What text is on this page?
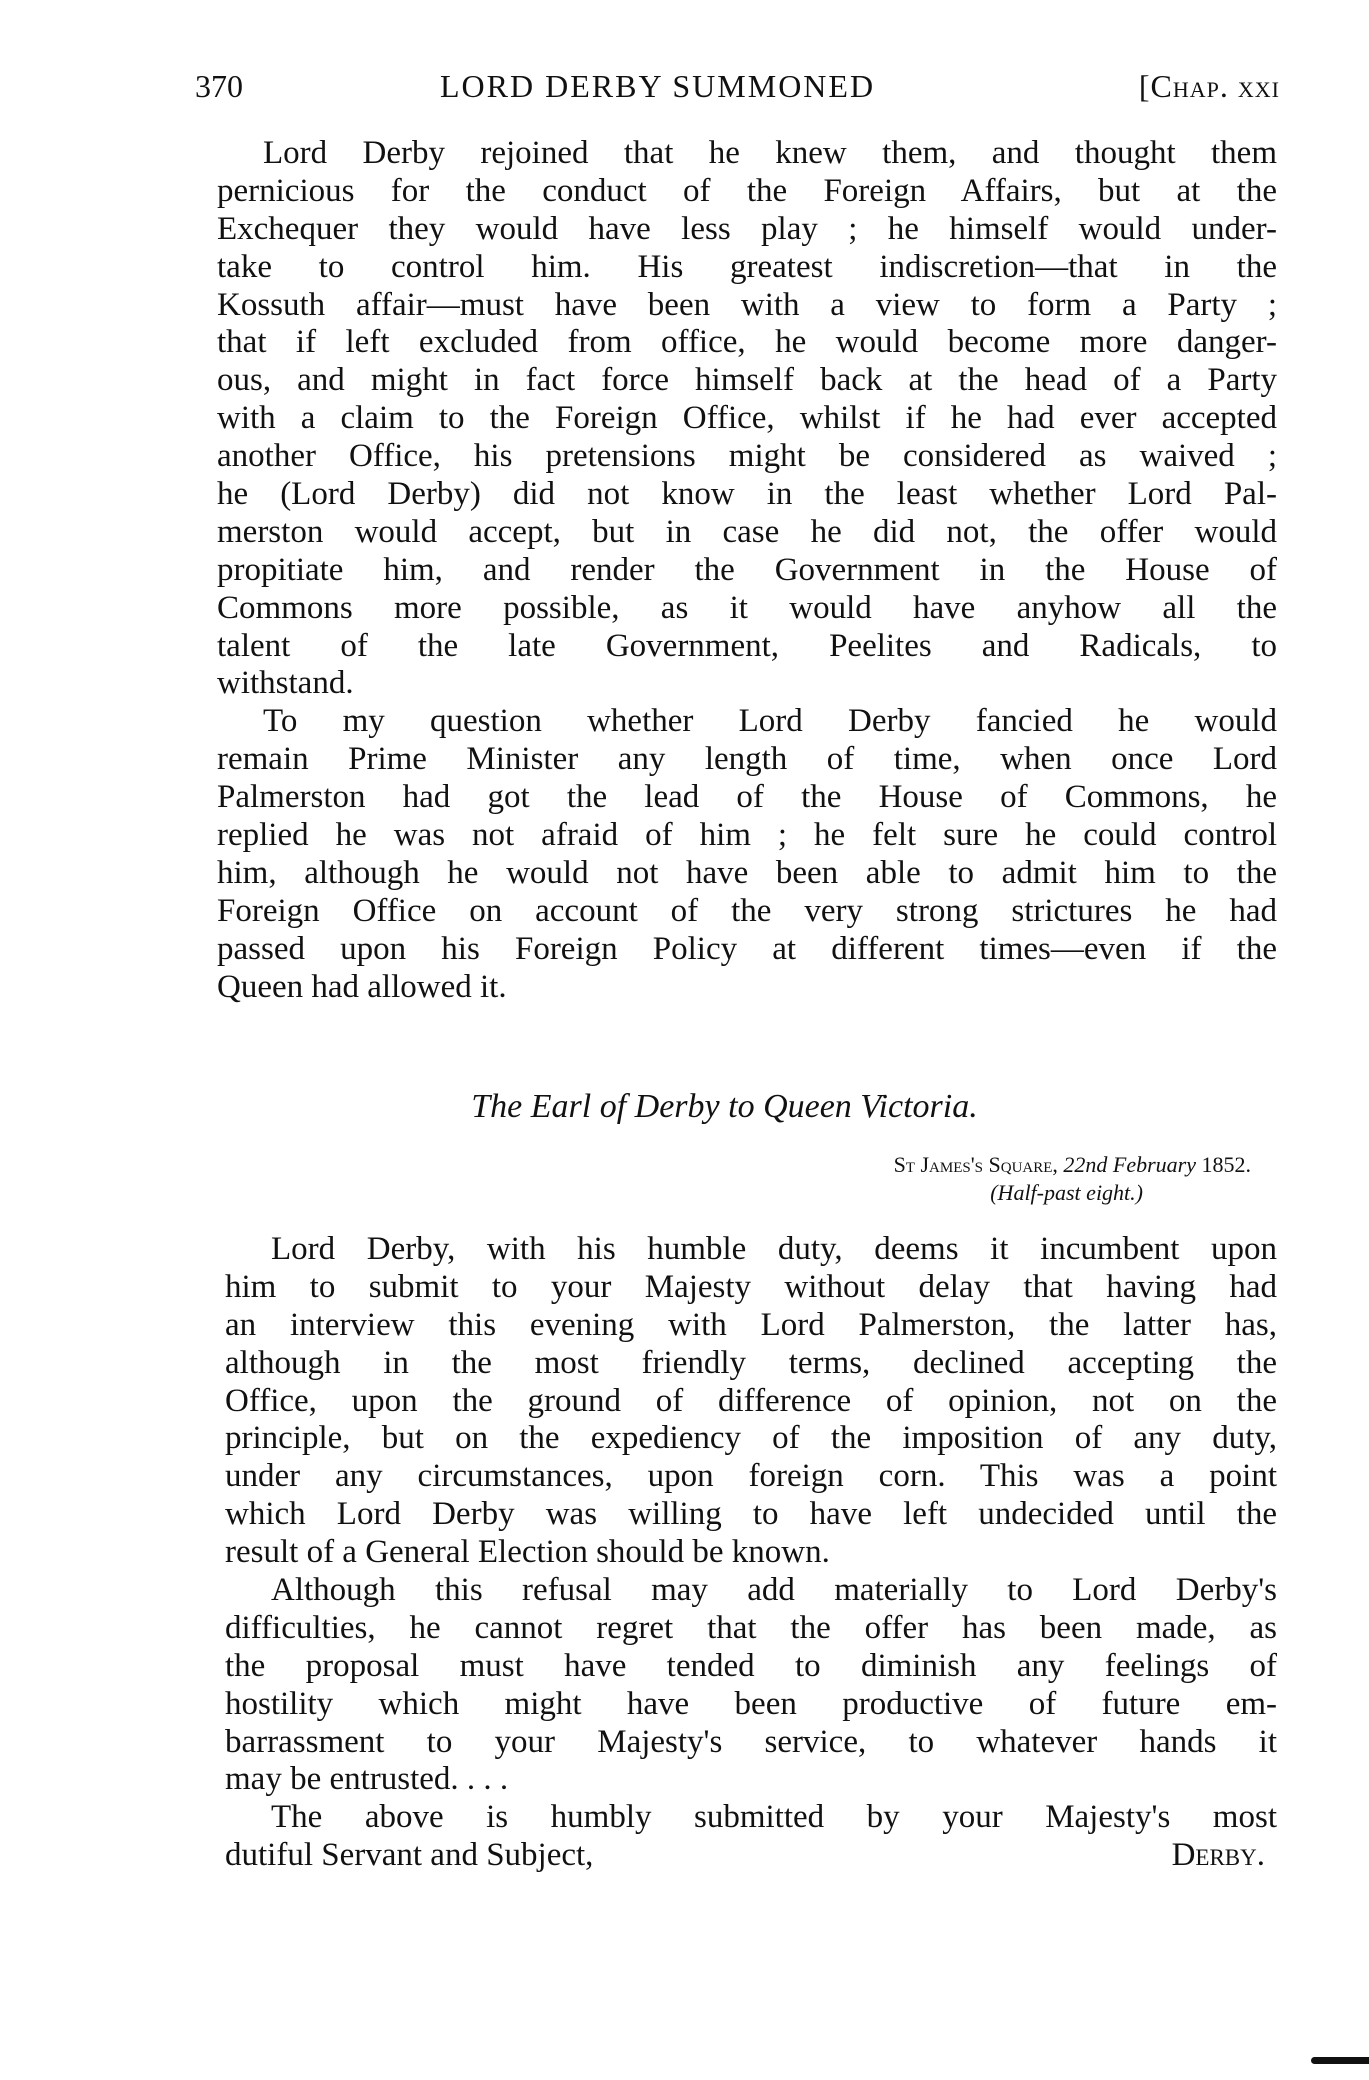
370	LORD DERBY SUMMONED	[Chap. xxi
Lord Derby rejoined that he knew them, and thought them
pernicious for the conduct of the Foreign Affairs, but at the
Exchequer they would have less play ; he himself would under-
take to control him. His greatest indiscretion—that in the
Kossuth affair—must have been with a view to form a Party ;
that if left excluded from office, he would become more danger-
ous, and might in fact force himself back at the head of a Party
with a claim to the Foreign Office, whilst if he had ever accepted
another Office, his pretensions might be considered as waived ;
he (Lord Derby) did not know in the least whether Lord Pal-
merston would accept, but in case he did not, the offer would
propitiate him, and render the Government in the House of
Commons more possible, as it would have anyhow all the
talent of the late Government, Peelites and Radicals, to
withstand.
To my question whether Lord Derby fancied he would
remain Prime Minister any length of time, when once Lord
Palmerston had got the lead of the House of Commons, he
replied he was not afraid of him ; he felt sure he could control
him, although he would not have been able to admit him to the
Foreign Office on account of the very strong strictures he had
passed upon his Foreign Policy at different times—even if the
Queen had allowed it.
The Earl of Derby to Queen Victoria.
St James's Square, 22nd February 1852.
(Half-past eight.)
Lord Derby, with his humble duty, deems it incumbent upon
him to submit to your Majesty without delay that having had
an interview this evening with Lord Palmerston, the latter has,
although in the most friendly terms, declined accepting the
Office, upon the ground of difference of opinion, not on the
principle, but on the expediency of the imposition of any duty,
under any circumstances, upon foreign corn. This was a point
which Lord Derby was willing to have left undecided until the
result of a General Election should be known.
Although this refusal may add materially to Lord Derby's
difficulties, he cannot regret that the offer has been made, as
the proposal must have tended to diminish any feelings of
hostility which might have been productive of future em-
barrassment to your Majesty's service, to whatever hands it
may be entrusted. . . .
The above is humbly submitted by your Majesty's most
dutiful Servant and Subject,	Derby.
